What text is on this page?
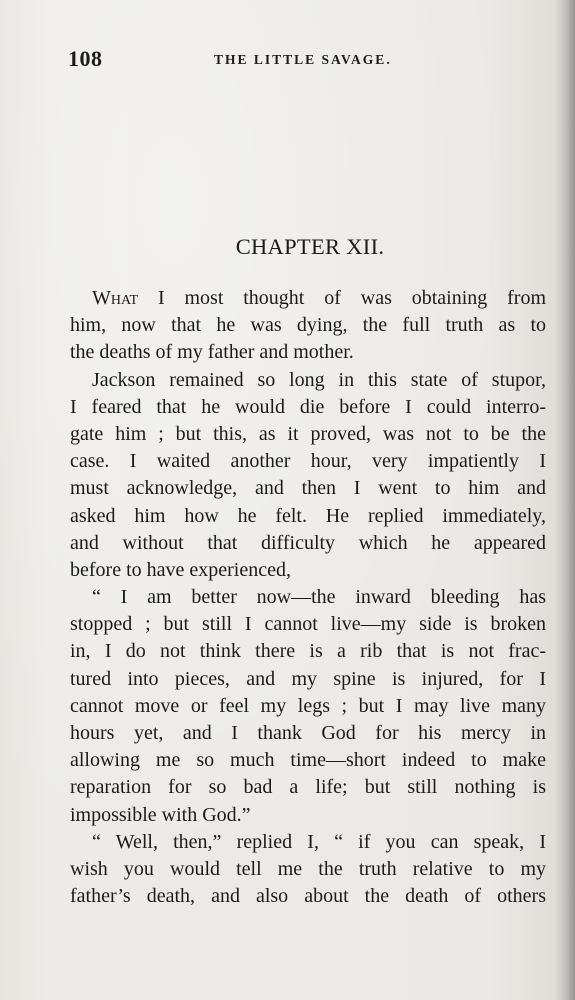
108	THE LITTLE SAVAGE.
CHAPTER XII.
What I most thought of was obtaining from
him, now that he was dying, the full truth as to
the deaths of my father and mother.
Jackson remained so long in this state of stupor,
I feared that he would die before I could interro-
gate him ; but this, as it proved, was not to be the
case. I waited another hour, very impatiently I
must acknowledge, and then I went to him and
asked him how he felt. He replied immediately,
and without that difficulty which he appeared
before to have experienced,
“ I am better now—the inward bleeding has
stopped ; but still I cannot live—my side is broken
in, I do not think there is a rib that is not frac-
tured into pieces, and my spine is injured, for I
cannot move or feel my legs ; but I may live many
hours yet, and I thank God for his mercy in
allowing me so much time—short indeed to make
reparation for so bad a life; but still nothing is
impossible with God.”
“ Well, then,” replied I, “ if you can speak, I
wish you would tell me the truth relative to my
father’s death, and also about the death of others
